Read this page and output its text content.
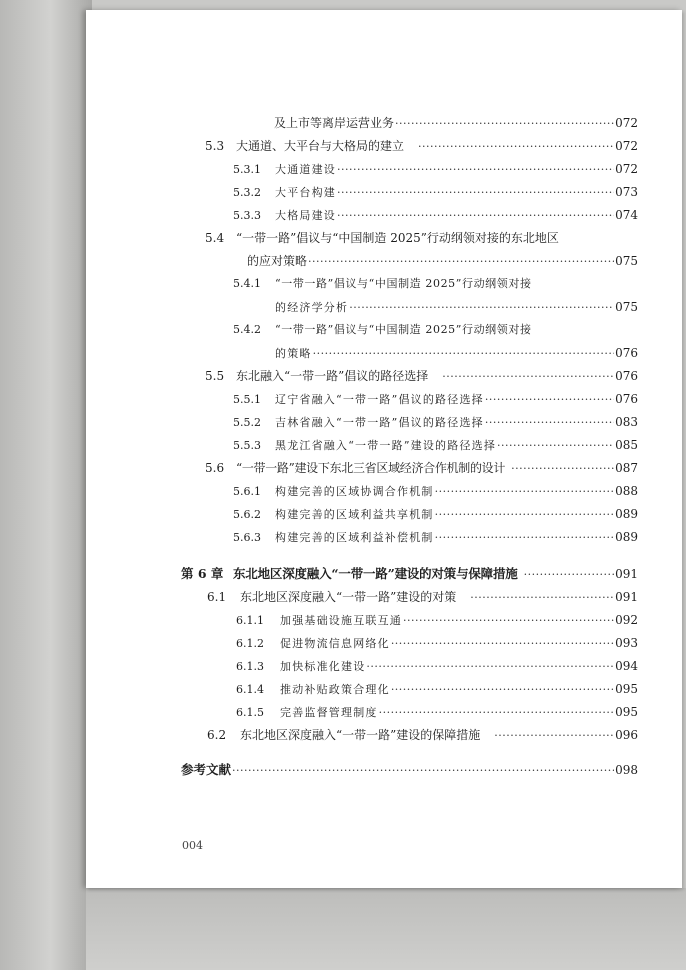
及上市等离岸运营业务 ·····	072
5.3 大通道、大平台与大格局的建立 ·····	072
5.3.1	大通道建设 ·····	072
5.3.2	大平台构建 ·····	073
5.3.3	大格局建设 ·····	074
5.4 “一带一路”倡议与“中国制造 2025”行动纲领对接的东北地区
的应对策略 ·····	075
5.4.1 “一带一路”倡议与“中国制造 2025”行动纲领对接
的经济学分析 ·····	075
5.4.2 “一带一路”倡议与“中国制造 2025”行动纲领对接
的策略 ·····	076
5.5 东北融入“一带一路”倡议的路径选择 ·····	076
5.5.1	辽宁省融入“一带一路”倡议的路径选择 ·····	076
5.5.2	吉林省融入“一带一路”倡议的路径选择 ·····	083
5.5.3	黑龙江省融入“一带一路”建设的路径选择 ·····	085
5.6 “一带一路”建设下东北三省区域经济合作机制的设计 ·····	087
5.6.1	构建完善的区域协调合作机制 ·····	088
5.6.2	构建完善的区域利益共享机制 ·····	089
5.6.3	构建完善的区域利益补偿机制 ·····	089
第 6 章 东北地区深度融入“一带一路”建设的对策与保障措施 ·····	091
6.1	东北地区深度融入“一带一路”建设的对策 ·····	091
6.1.1	加强基础设施互联互通 ·····	092
6.1.2	促进物流信息网络化 ·····	093
6.1.3	加快标准化建设 ·····	094
6.1.4	推动补贴政策合理化 ·····	095
6.1.5	完善监督管理制度 ·····	095
6.2	东北地区深度融入“一带一路”建设的保障措施 ·····	096
参考文献 ·····	098
004
